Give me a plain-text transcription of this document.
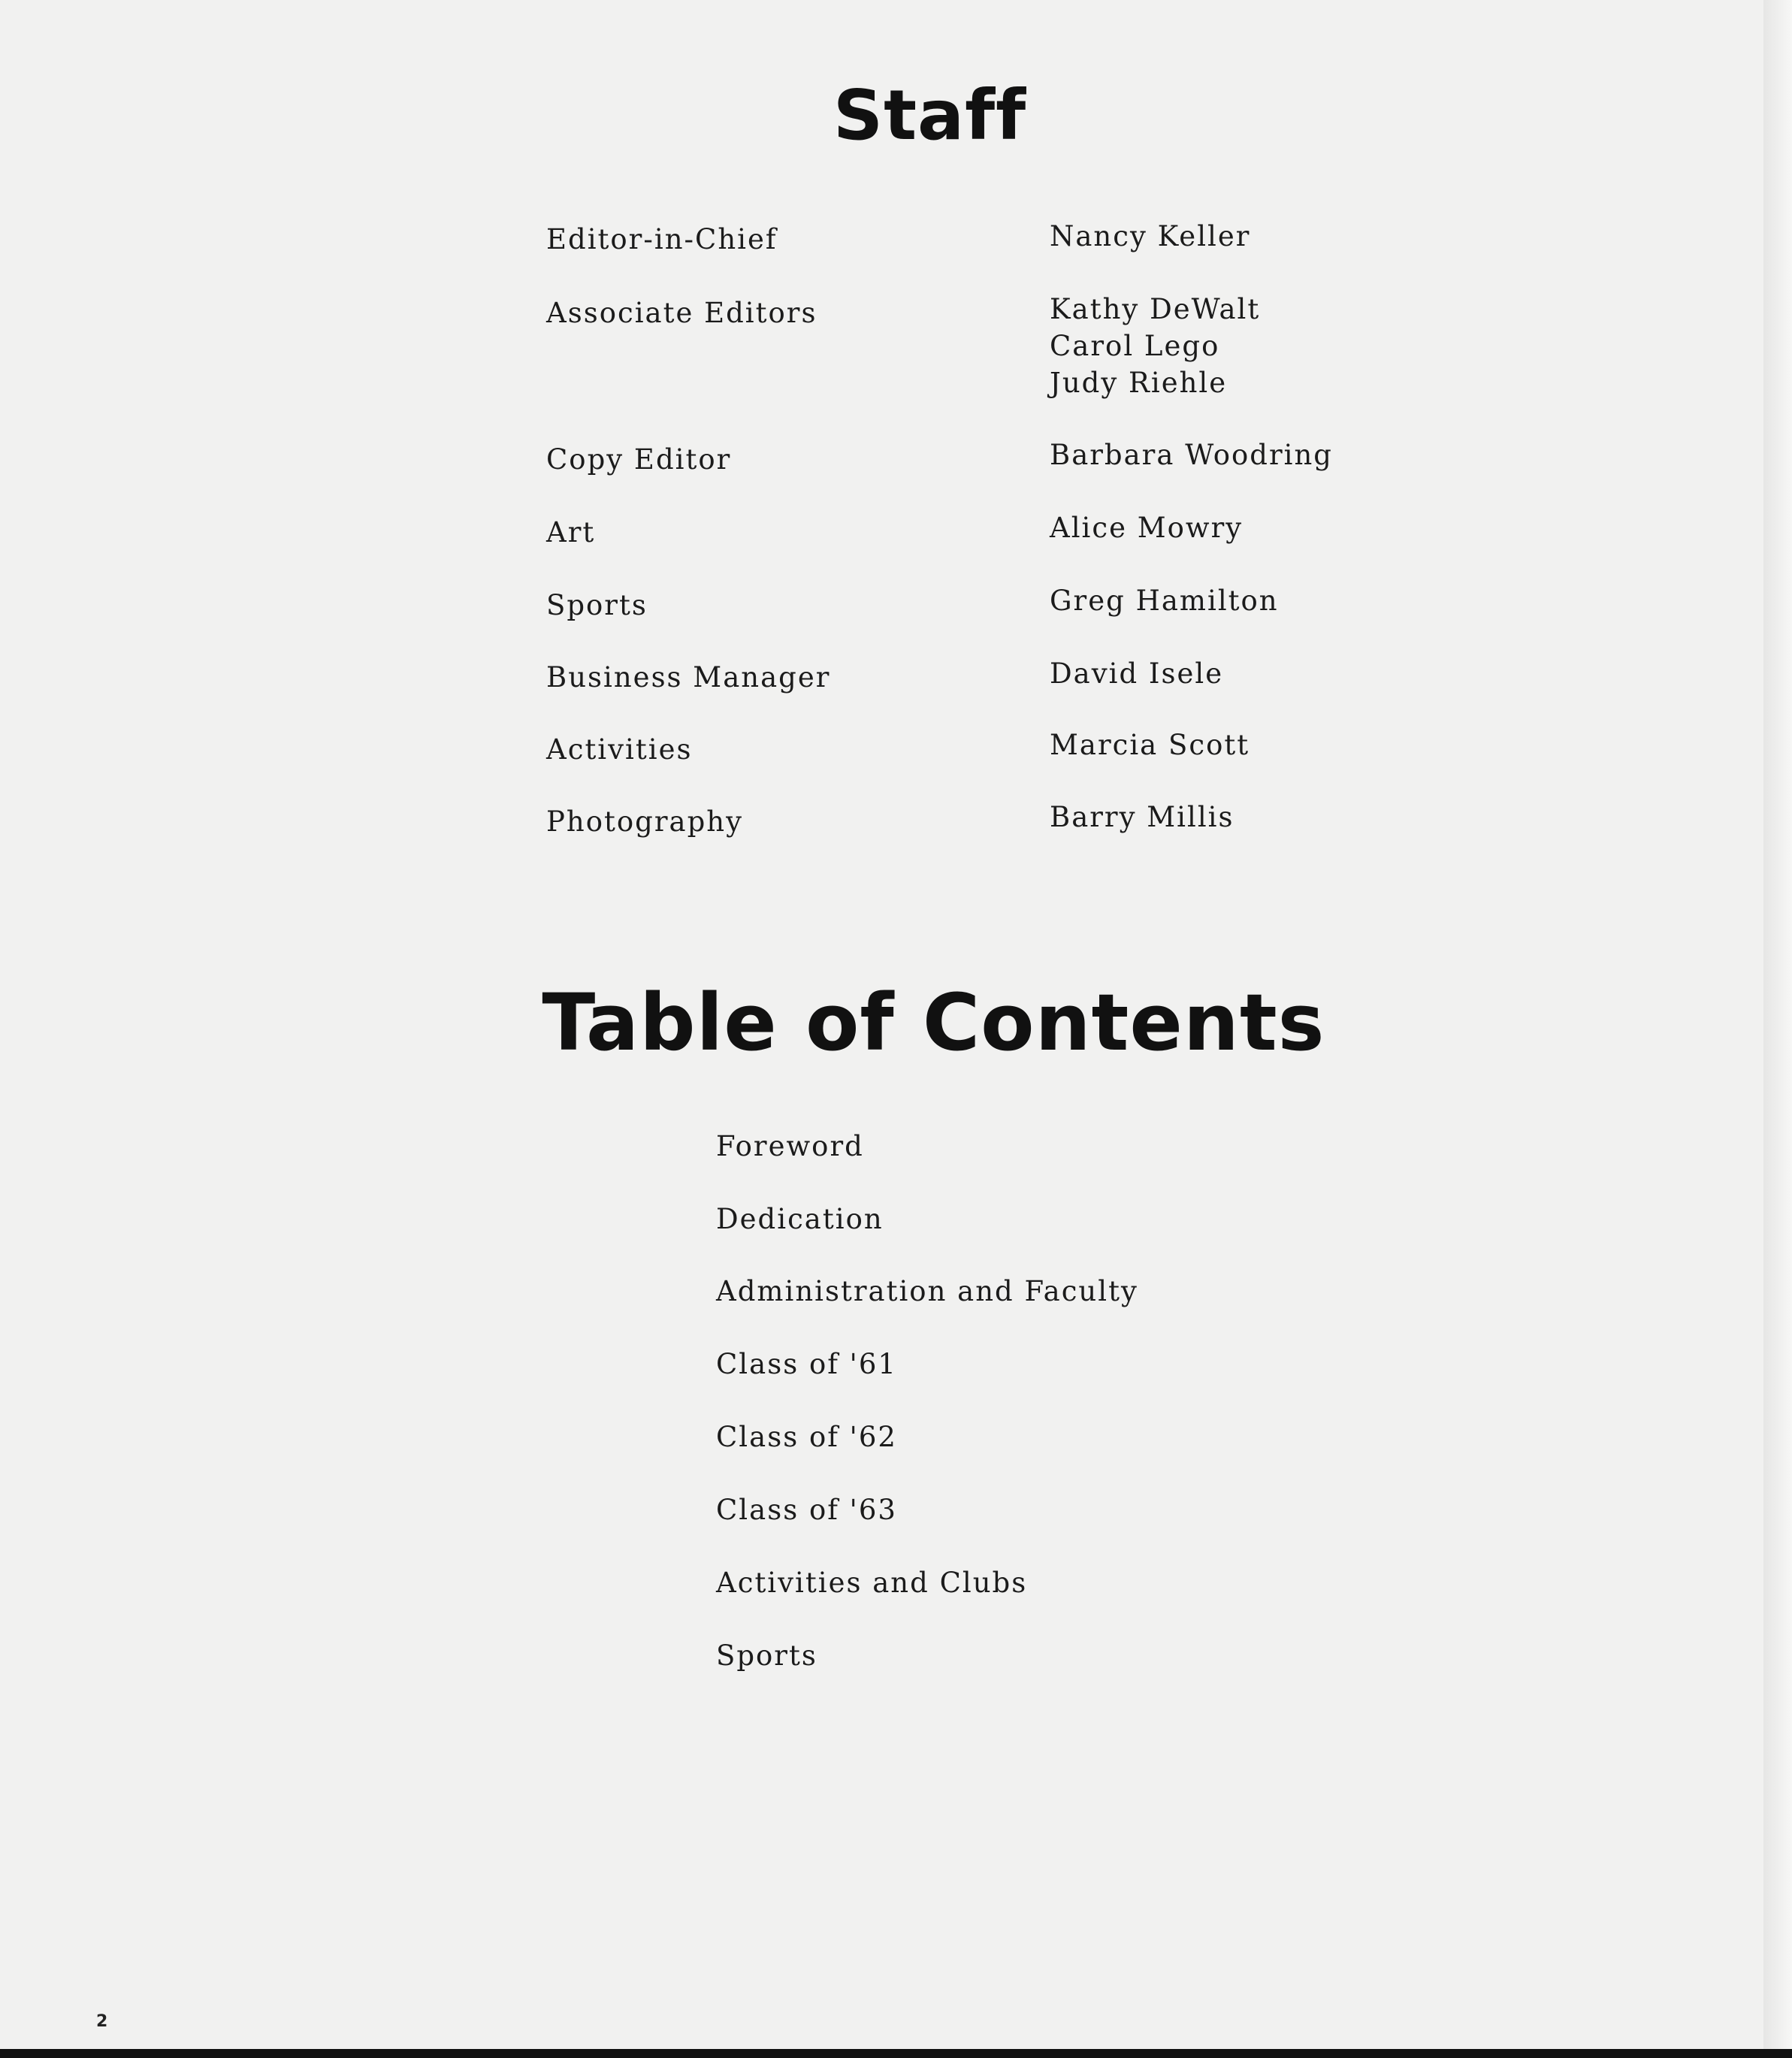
Staff
Editor-in-Chief	Nancy Keller
Associate Editors	Kathy DeWalt
Carol Lego
Judy Riehle
Copy Editor	Barbara Woodring
Art	Alice Mowry
Sports	Greg Hamilton
Business Manager	David Isele
Activities	Marcia Scott
Photography	Barry Millis
Table of Contents
Foreword
Dedication
Administration and Faculty
Class of '61
Class of '62
Class of '63
Activities and Clubs
Sports
2
